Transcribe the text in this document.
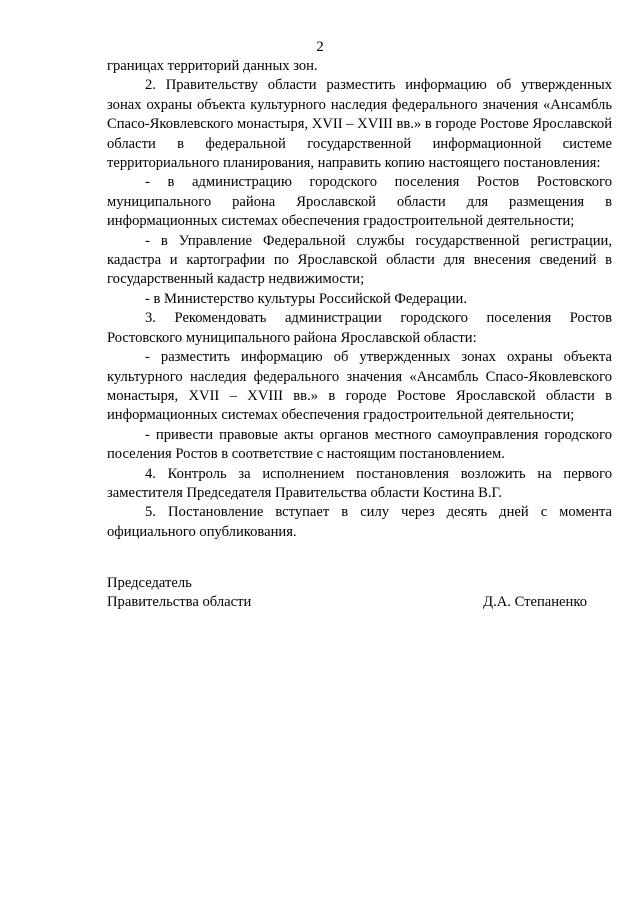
2

границах территорий данных зон.

2. Правительству области разместить информацию об утвержденных зонах охраны объекта культурного наследия федерального значения «Ансамбль Спасо-Яковлевского монастыря, XVII – XVIII вв.» в городе Ростове Ярославской области в федеральной государственной информационной системе территориального планирования, направить копию настоящего постановления:

- в администрацию городского поселения Ростов Ростовского муниципального района Ярославской области для размещения в информационных системах обеспечения градостроительной деятельности;

- в Управление Федеральной службы государственной регистрации, кадастра и картографии по Ярославской области для внесения сведений в государственный кадастр недвижимости;

- в Министерство культуры Российской Федерации.

3. Рекомендовать администрации городского поселения Ростов Ростовского муниципального района Ярославской области:

- разместить информацию об утвержденных зонах охраны объекта культурного наследия федерального значения «Ансамбль Спасо-Яковлевского монастыря, XVII – XVIII вв.» в городе Ростове Ярославской области в информационных системах обеспечения градостроительной деятельности;

- привести правовые акты органов местного самоуправления городского поселения Ростов в соответствие с настоящим постановлением.

4. Контроль за исполнением постановления возложить на первого заместителя Председателя Правительства области Костина В.Г.

5. Постановление вступает в силу через десять дней с момента официального опубликования.

Председатель
Правительства области	Д.А. Степаненко
